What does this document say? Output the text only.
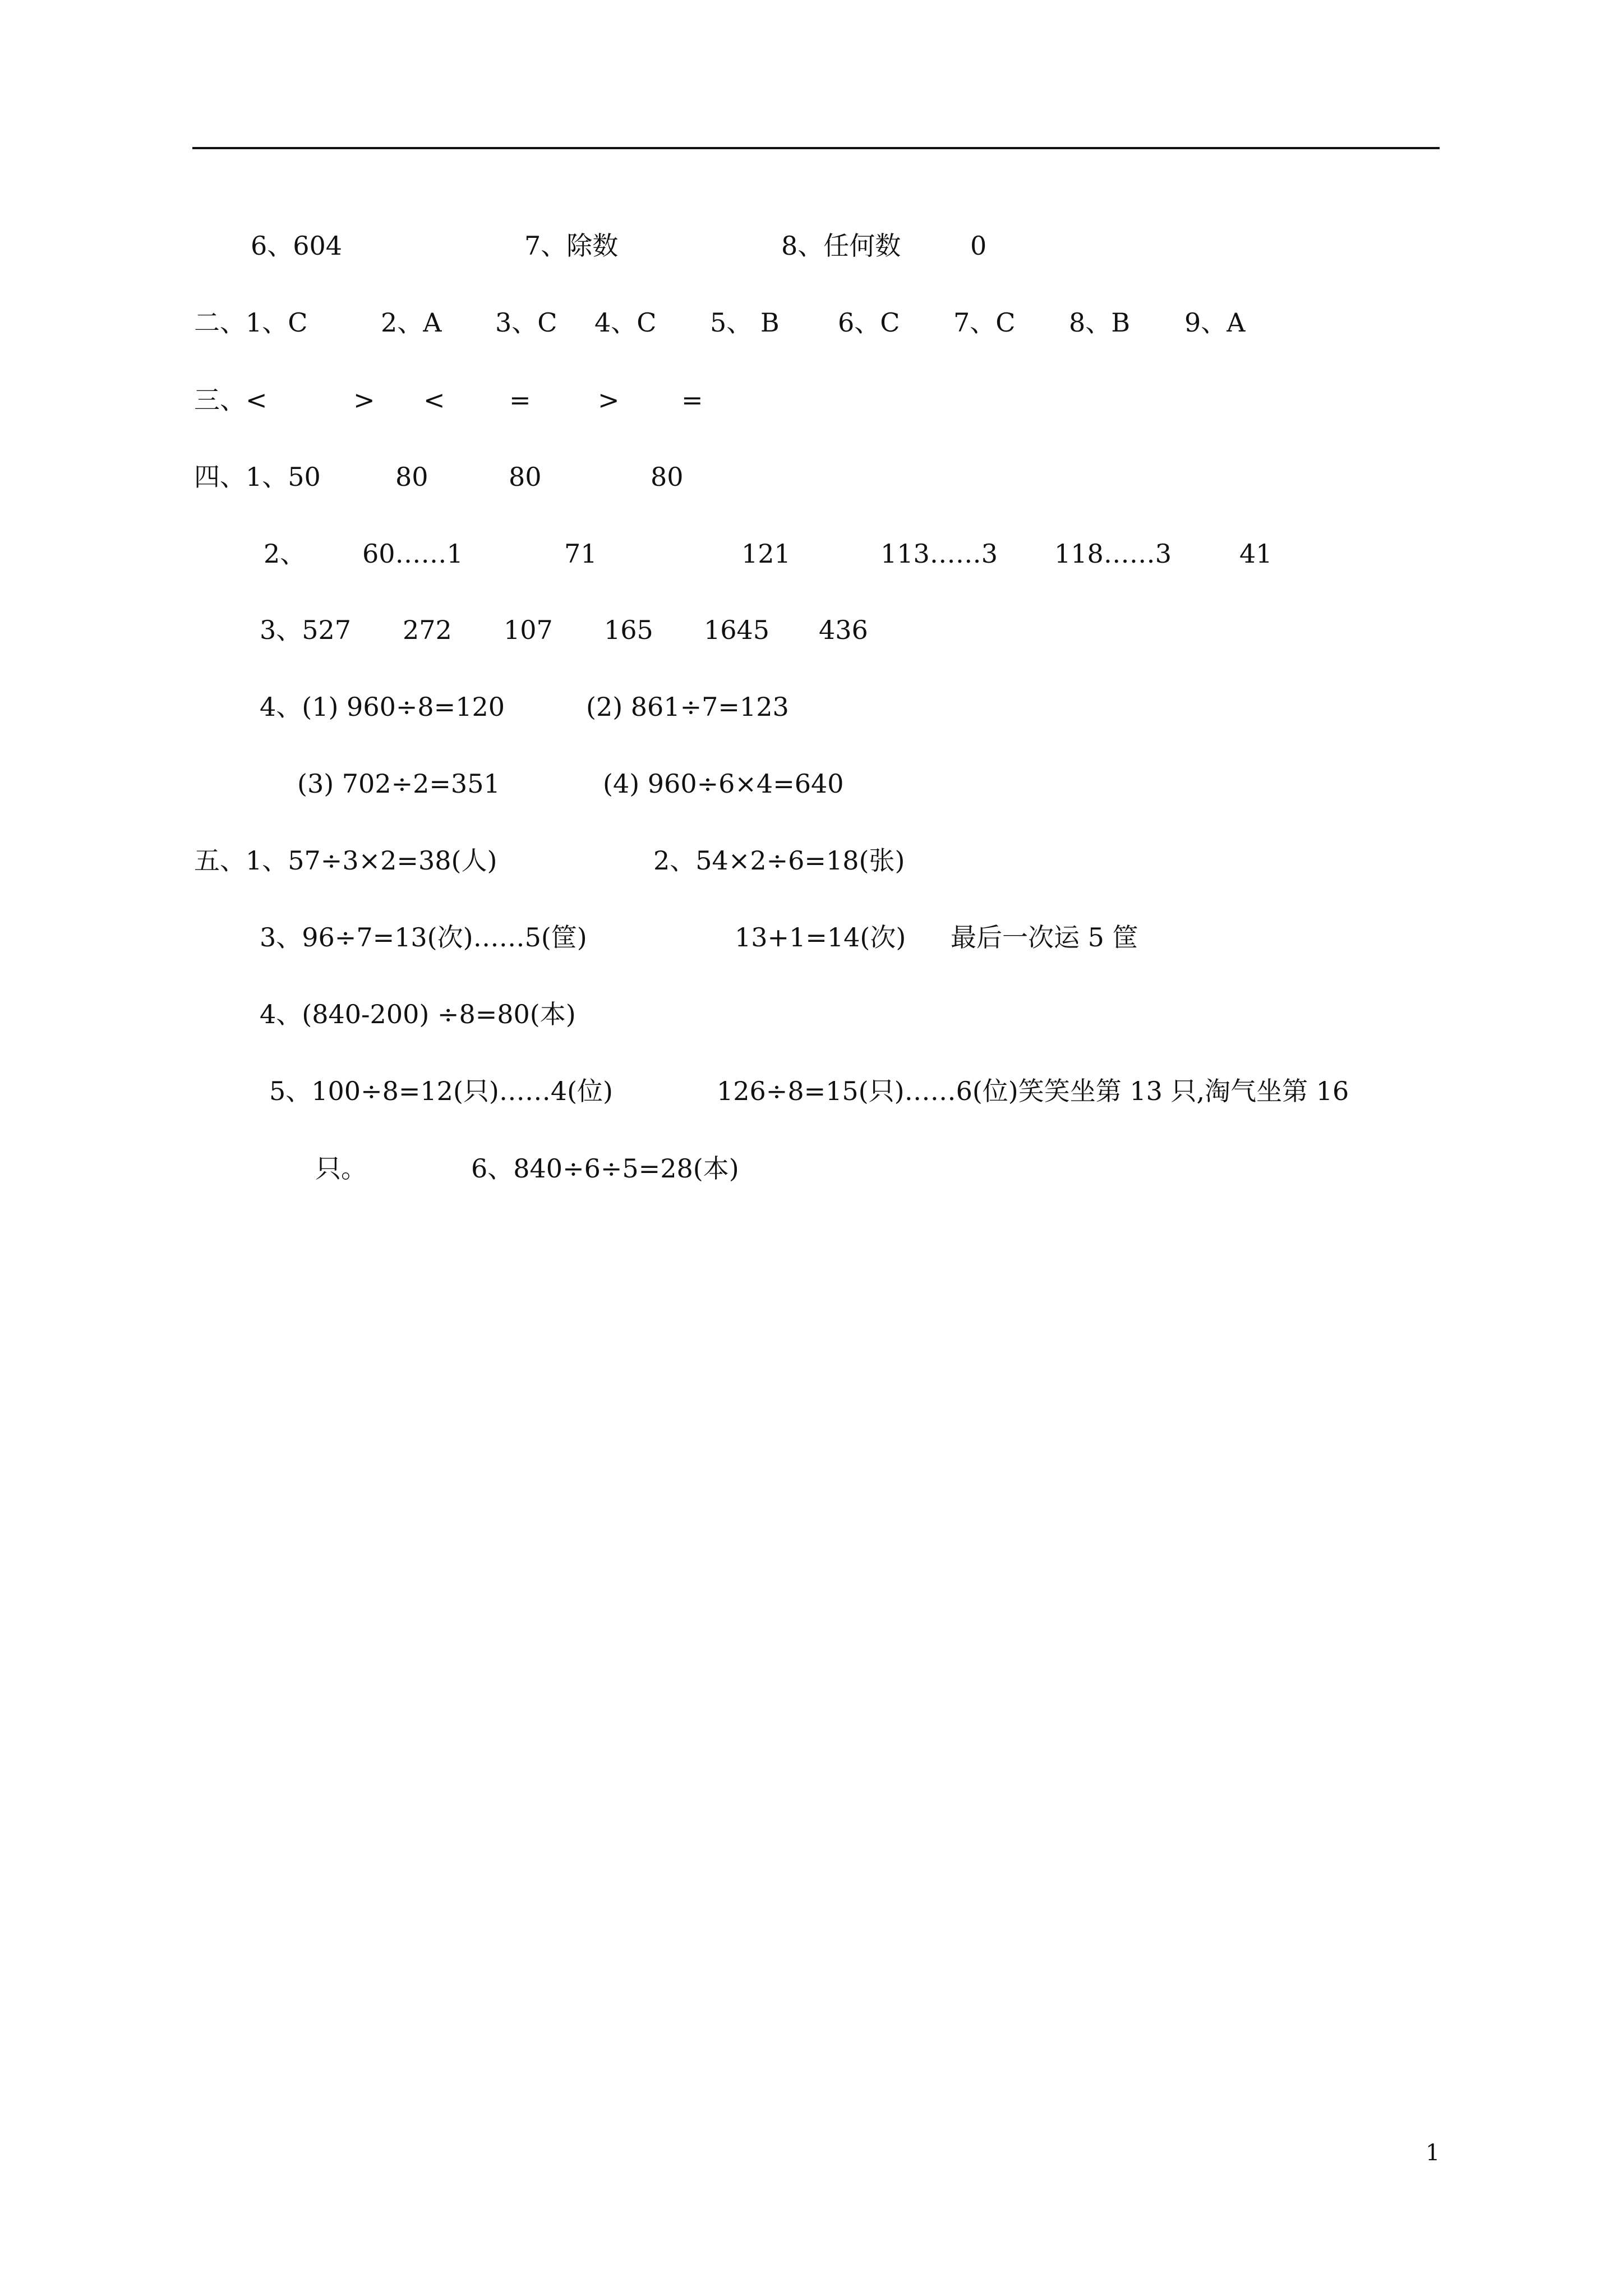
6、604	7、除数	8、任何数	0
二、1、C	2、A 3、C 4、C 5、 B 6、C 7、C 8、B 9、A
三、<	> < =	> =
四、1、50	80	80	80
2、 60……1	71	121	113……3 118……3	41
3、527 272 107 165 1645 436
4、(1) 960÷8=120	(2) 861÷7=123
(3) 702÷2=351	(4) 960÷6×4=640
五、1、57÷3×2=38(人)	2、54×2÷6=18(张)
3、96÷7=13(次)……5(筐)	13+1=14(次) 最后一次运 5 筐
4、(840-200) ÷8=80(本)
5、100÷8=12(只)……4(位)	126÷8=15(只)……6(位)笑笑坐第 13 只,淘气坐第 16
只。	6、840÷6÷5=28(本)
1
